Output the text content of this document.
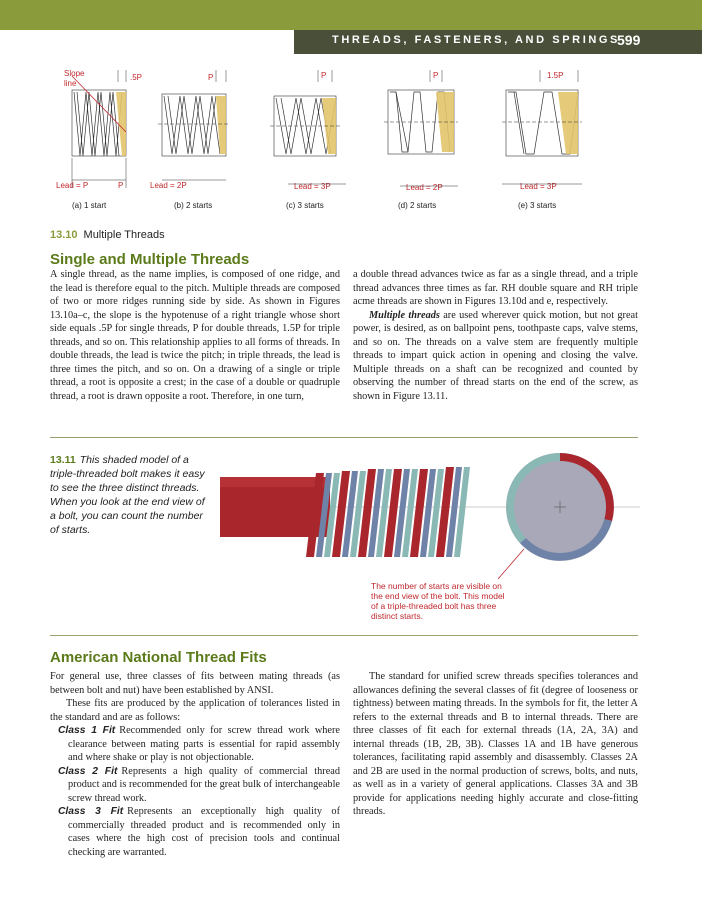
THREADS, FASTENERS, AND SPRINGS
599
Slope
line
.5P	P	P	P	1.5P
Lead = P	P	Lead = 2P	Lead = 3P	Lead = 2P	Lead = 3P
(a) 1 start	(b) 2 starts	(c) 3 starts	(d) 2 starts	(e) 3 starts
13.10 Multiple Threads
Single and Multiple Threads

A single thread, as the name implies, is composed of one ridge, and the lead is therefore equal to the pitch. Multiple threads are composed of two or more ridges running side by side. As shown in Figures 13.10a–c, the slope is the hypotenuse of a right triangle whose short side equals .5P for single threads, P for double threads, 1.5P for triple threads, and so on. This relationship applies to all forms of threads. In double threads, the lead is twice the pitch; in triple threads, the lead is three times the pitch, and so on. On a drawing of a single or triple thread, a root is opposite a crest; in the case of a double or quadruple thread, a root is drawn opposite a root. Therefore, in one turn,

a double thread advances twice as far as a single thread, and a triple thread advances three times as far. RH double square and RH triple acme threads are shown in Figures 13.10d and e, respectively.

Multiple threads are used wherever quick motion, but not great power, is desired, as on ballpoint pens, toothpaste caps, valve stems, and so on. The threads on a valve stem are frequently multiple threads to impart quick action in opening and closing the valve. Multiple threads on a shaft can be recognized and counted by observing the number of thread starts on the end of the screw, as shown in Figure 13.11.

13.11 This shaded model of a triple-threaded bolt makes it easy to see the three distinct threads. When you look at the end view of a bolt, you can count the number of starts.
The number of starts are visible on the end view of the bolt. This model of a triple-threaded bolt has three distinct starts.
American National Thread Fits

For general use, three classes of fits between mating threads (as between bolt and nut) have been established by ANSI.

These fits are produced by the application of tolerances listed in the standard and are as follows:

Class 1 Fit Recommended only for screw thread work where clearance between mating parts is essential for rapid assembly and where shake or play is not objectionable.

Class 2 Fit Represents a high quality of commercial thread product and is recommended for the great bulk of interchangeable screw thread work.

Class 3 Fit Represents an exceptionally high quality of commercially threaded product and is recommended only in cases where the high cost of precision tools and continual checking are warranted.

The standard for unified screw threads specifies tolerances and allowances defining the several classes of fit (degree of looseness or tightness) between mating threads. In the symbols for fit, the letter A refers to the external threads and B to internal threads. There are three classes of fit each for external threads (1A, 2A, 3A) and internal threads (1B, 2B, 3B). Classes 1A and 1B have generous tolerances, facilitating rapid assembly and disassembly. Classes 2A and 2B are used in the normal production of screws, bolts, and nuts, as well as in a variety of general applications. Classes 3A and 3B provide for applications needing highly accurate and close-fitting threads.
